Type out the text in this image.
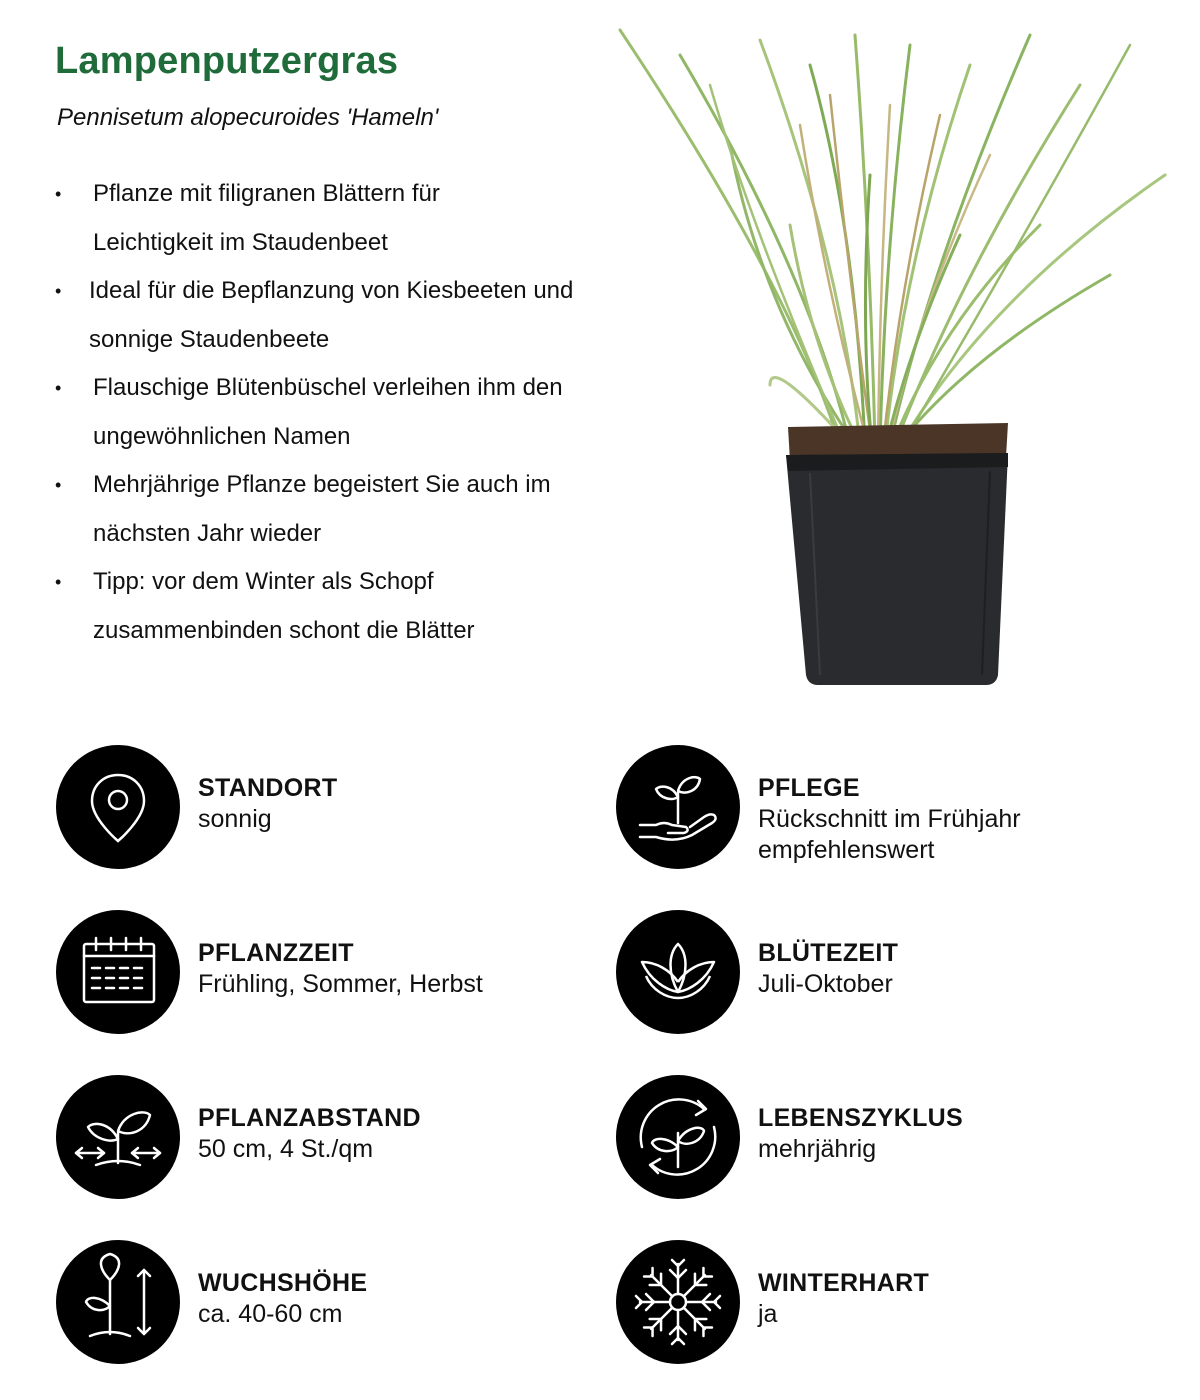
Lampenputzergras
Pennisetum alopecuroides 'Hameln'
• Pflanze mit filigranen Blättern für Leichtigkeit im Staudenbeet
• Ideal für die Bepflanzung von Kiesbeeten und sonnige Staudenbeete
• Flauschige Blütenbüschel verleihen ihm den ungewöhnlichen Namen
• Mehrjährige Pflanze begeistert Sie auch im nächsten Jahr wieder
• Tipp: vor dem Winter als Schopf zusammenbinden schont die Blätter
STANDORT
sonnig
PFLEGE
Rückschnitt im Frühjahr
empfehlenswert
PFLANZZEIT
Frühling, Sommer, Herbst
BLÜTEZEIT
Juli-Oktober
PFLANZABSTAND
50 cm, 4 St./qm
LEBENSZYKLUS
mehrjährig
WUCHSHÖHE
ca. 40-60 cm
WINTERHART
ja
